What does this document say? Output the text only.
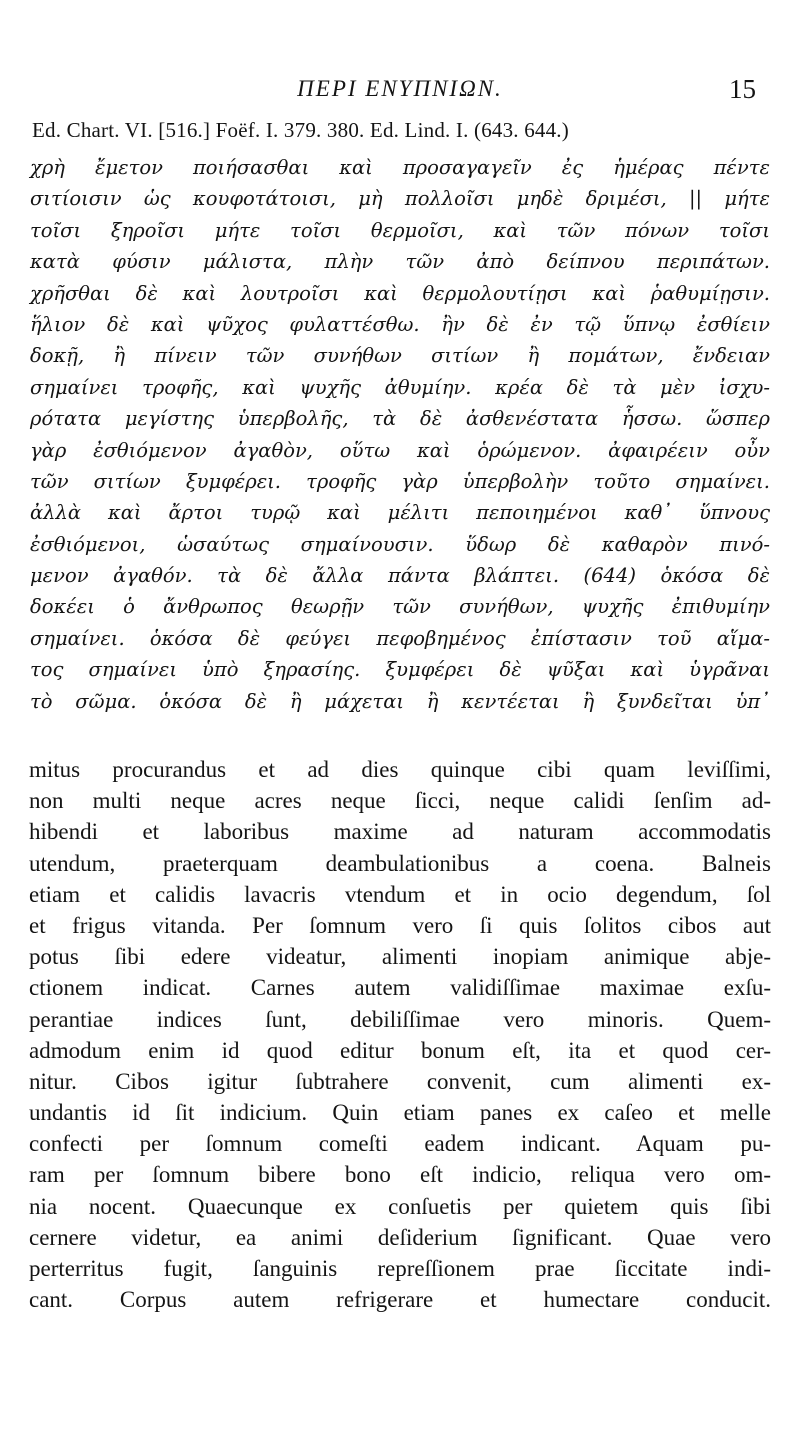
ΠΕΡΙ ΕΝΥΠΝΙΩΝ.	15
Ed. Chart. VI. [516.] Foëf. I. 379. 380. Ed. Lind. I. (643. 644.)
χρὴ ἔμετον ποιήσασθαι καὶ προσαγαγεῖν ἐς ἡμέρας πέντε
σιτίοισιν ὡς κουφοτάτοισι, μὴ πολλοῖσι μηδὲ δριμέσι, || μήτε
τοῖσι ξηροῖσι μήτε τοῖσι θερμοῖσι, καὶ τῶν πόνων τοῖσι
κατὰ φύσιν μάλιστα, πλὴν τῶν ἀπὸ δείπνου περιπάτων.
χρῆσθαι δὲ καὶ λουτροῖσι καὶ θερμολουτίῃσι καὶ ῥαθυμίῃσιν.
ἥλιον δὲ καὶ ψῦχος φυλαττέσθω. ἢν δὲ ἐν τῷ ὕπνῳ ἐσθίειν
δοκῇ, ἢ πίνειν τῶν συνήθων σιτίων ἢ πομάτων, ἔνδειαν
σημαίνει τροφῆς, καὶ ψυχῆς ἀθυμίην. κρέα δὲ τὰ μὲν ἰσχυ-
ρότατα μεγίστης ὑπερβολῆς, τὰ δὲ ἀσθενέστατα ἧσσω. ὥσπερ
γὰρ ἐσθιόμενον ἀγαθὸν, οὕτω καὶ ὁρώμενον. ἀφαιρέειν οὖν
τῶν σιτίων ξυμφέρει. τροφῆς γὰρ ὑπερβολὴν τοῦτο σημαίνει.
ἀλλὰ καὶ ἄρτοι τυρῷ καὶ μέλιτι πεποιημένοι καθ᾽ ὕπνους
ἐσθιόμενοι, ὡσαύτως σημαίνουσιν. ὕδωρ δὲ καθαρὸν πινό-
μενον ἀγαθόν. τὰ δὲ ἄλλα πάντα βλάπτει. (644) ὁκόσα δὲ
δοκέει ὁ ἄνθρωπος θεωρῇν τῶν συνήθων, ψυχῆς ἐπιθυμίην
σημαίνει. ὁκόσα δὲ φεύγει πεφοβημένος ἐπίστασιν τοῦ αἵμα-
τος σημαίνει ὑπὸ ξηρασίης. ξυμφέρει δὲ ψῦξαι καὶ ὑγρᾶναι
τὸ σῶμα. ὁκόσα δὲ ἢ μάχεται ἢ κεντέεται ἢ ξυνδεῖται ὑπ᾽
mitus procurandus et ad dies quinque cibi quam leviſſimi,
non multi neque acres neque ſicci, neque calidi ſenſim ad-
hibendi et laboribus maxime ad naturam accommodatis
utendum, praeterquam deambulationibus a coena. Balneis
etiam et calidis lavacris vtendum et in ocio degendum, ſol
et frigus vitanda. Per ſomnum vero ſi quis ſolitos cibos aut
potus ſibi edere videatur, alimenti inopiam animique abje-
ctionem indicat. Carnes autem validiſſimae maximae exſu-
perantiae indices ſunt, debiliſſimae vero minoris. Quem-
admodum enim id quod editur bonum eſt, ita et quod cer-
nitur. Cibos igitur ſubtrahere convenit, cum alimenti ex-
undantis id ſit indicium. Quin etiam panes ex caſeo et melle
confecti per ſomnum comeſti eadem indicant. Aquam pu-
ram per ſomnum bibere bono eſt indicio, reliqua vero om-
nia nocent. Quaecunque ex conſuetis per quietem quis ſibi
cernere videtur, ea animi deſiderium ſignificant. Quae vero
perterritus fugit, ſanguinis repreſſionem prae ſiccitate indi-
cant. Corpus autem refrigerare et humectare conducit.
